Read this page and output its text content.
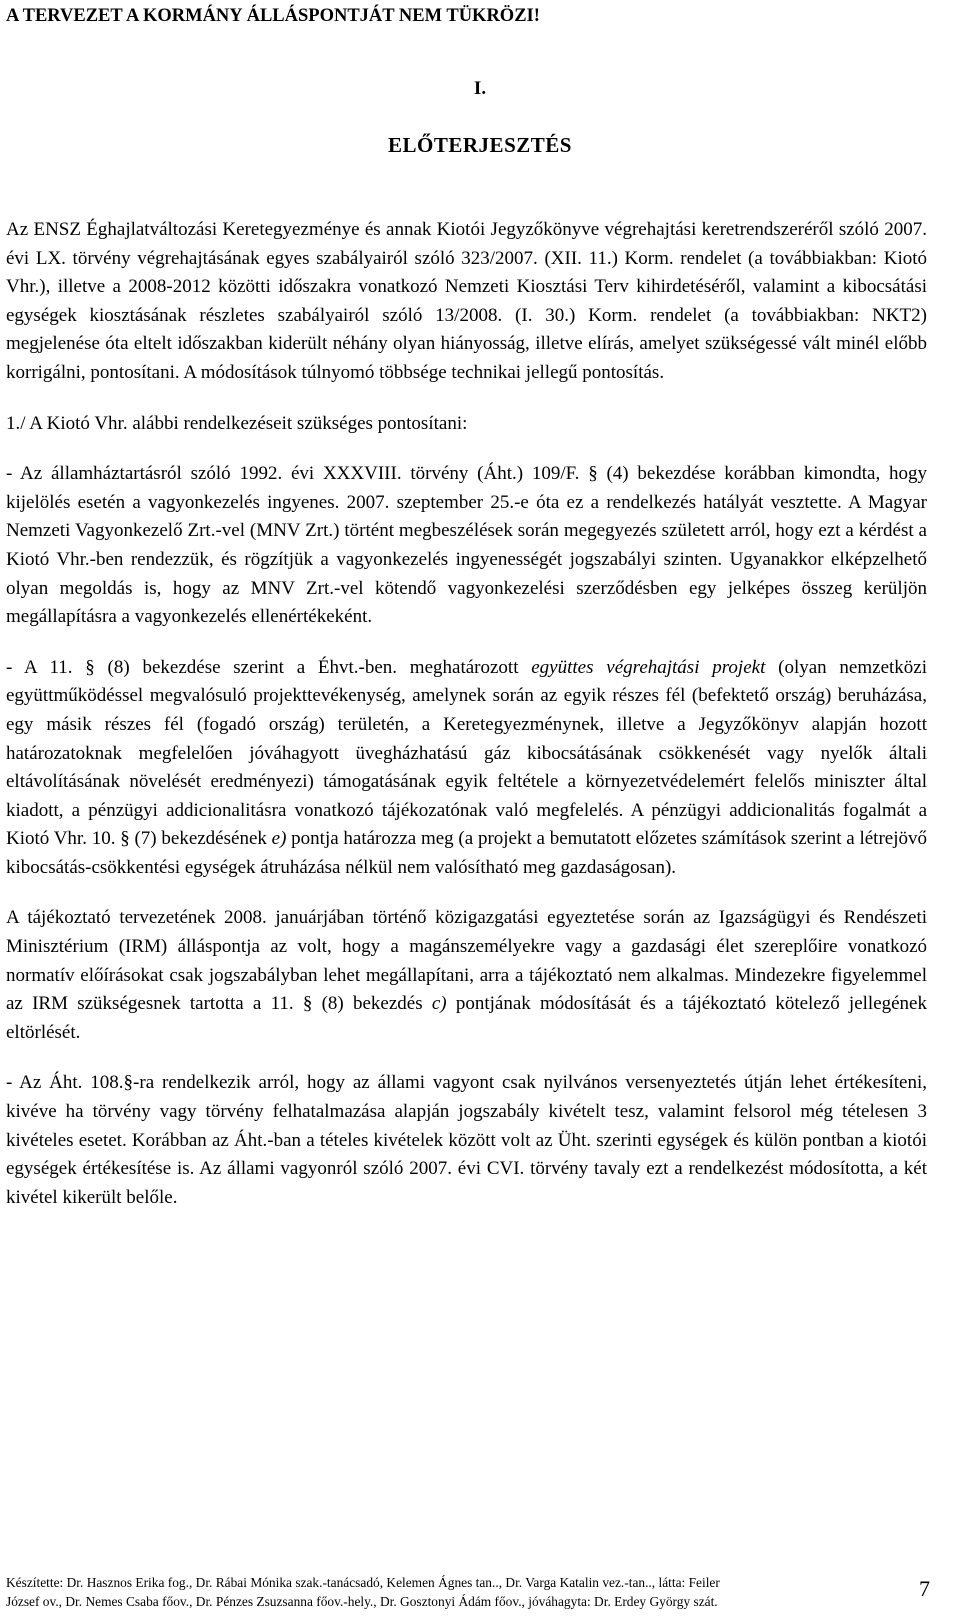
A TERVEZET A KORMÁNY ÁLLÁSPONTJÁT NEM TÜKRÖZI!
I.
ELŐTERJESZTÉS

Az ENSZ Éghajlatváltozási Keretegyezménye és annak Kiotói Jegyzőkönyve végrehajtási keretrendszeréről szóló 2007. évi LX. törvény végrehajtásának egyes szabályairól szóló 323/2007. (XII. 11.) Korm. rendelet (a továbbiakban: Kiotó Vhr.), illetve a 2008-2012 közötti időszakra vonatkozó Nemzeti Kiosztási Terv kihirdetéséről, valamint a kibocsátási egységek kiosztásának részletes szabályairól szóló 13/2008. (I. 30.) Korm. rendelet (a továbbiakban: NKT2) megjelenése óta eltelt időszakban kiderült néhány olyan hiányosság, illetve elírás, amelyet szükségessé vált minél előbb korrigálni, pontosítani. A módosítások túlnyomó többsége technikai jellegű pontosítás.

1./ A Kiotó Vhr. alábbi rendelkezéseit szükséges pontosítani:

- Az államháztartásról szóló 1992. évi XXXVIII. törvény (Áht.) 109/F. § (4) bekezdése korábban kimondta, hogy kijelölés esetén a vagyonkezelés ingyenes. 2007. szeptember 25.-e óta ez a rendelkezés hatályát vesztette. A Magyar Nemzeti Vagyonkezelő Zrt.-vel (MNV Zrt.) történt megbeszélések során megegyezés született arról, hogy ezt a kérdést a Kiotó Vhr.-ben rendezzük, és rögzítjük a vagyonkezelés ingyenességét jogszabályi szinten. Ugyanakkor elképzelhető olyan megoldás is, hogy az MNV Zrt.-vel kötendő vagyonkezelési szerződésben egy jelképes összeg kerüljön megállapításra a vagyonkezelés ellenértékeként.

- A 11. § (8) bekezdése szerint a Éhvt.-ben. meghatározott együttes végrehajtási projekt (olyan nemzetközi együttműködéssel megvalósuló projekttevékenység, amelynek során az egyik részes fél (befektető ország) beruházása, egy másik részes fél (fogadó ország) területén, a Keretegyezménynek, illetve a Jegyzőkönyv alapján hozott határozatoknak megfelelően jóváhagyott üvegházhatású gáz kibocsátásának csökkenését vagy nyelők általi eltávolításának növelését eredményezi) támogatásának egyik feltétele a környezetvédelemért felelős miniszter által kiadott, a pénzügyi addicionalitásra vonatkozó tájékozatónak való megfelelés. A pénzügyi addicionalitás fogalmát a Kiotó Vhr. 10. § (7) bekezdésének e) pontja határozza meg (a projekt a bemutatott előzetes számítások szerint a létrejövő kibocsátás-csökkentési egységek átruházása nélkül nem valósítható meg gazdaságosan).

A tájékoztató tervezetének 2008. januárjában történő közigazgatási egyeztetése során az Igazságügyi és Rendészeti Minisztérium (IRM) álláspontja az volt, hogy a magánszemélyekre vagy a gazdasági élet szereplőire vonatkozó normatív előírásokat csak jogszabályban lehet megállapítani, arra a tájékoztató nem alkalmas. Mindezekre figyelemmel az IRM szükségesnek tartotta a 11. § (8) bekezdés c) pontjának módosítását és a tájékoztató kötelező jellegének eltörlését.

- Az Áht. 108.§-ra rendelkezik arról, hogy az állami vagyont csak nyilvános versenyeztetés útján lehet értékesíteni, kivéve ha törvény vagy törvény felhatalmazása alapján jogszabály kivételt tesz, valamint felsorol még tételesen 3 kivételes esetet. Korábban az Áht.-ban a tételes kivételek között volt az Üht. szerinti egységek és külön pontban a kiotói egységek értékesítése is. Az állami vagyonról szóló 2007. évi CVI. törvény tavaly ezt a rendelkezést módosította, a két kivétel kikerült belőle.

Készítette: Dr. Hasznos Erika fog., Dr. Rábai Mónika szak.-tanácsadó, Kelemen Ágnes tan.., Dr. Varga Katalin vez.-tan.., látta: Feiler
József ov., Dr. Nemes Csaba főov., Dr. Pénzes Zsuzsanna főov.-hely., Dr. Gosztonyi Ádám főov., jóváhagyta: Dr. Erdey György szát.
7
